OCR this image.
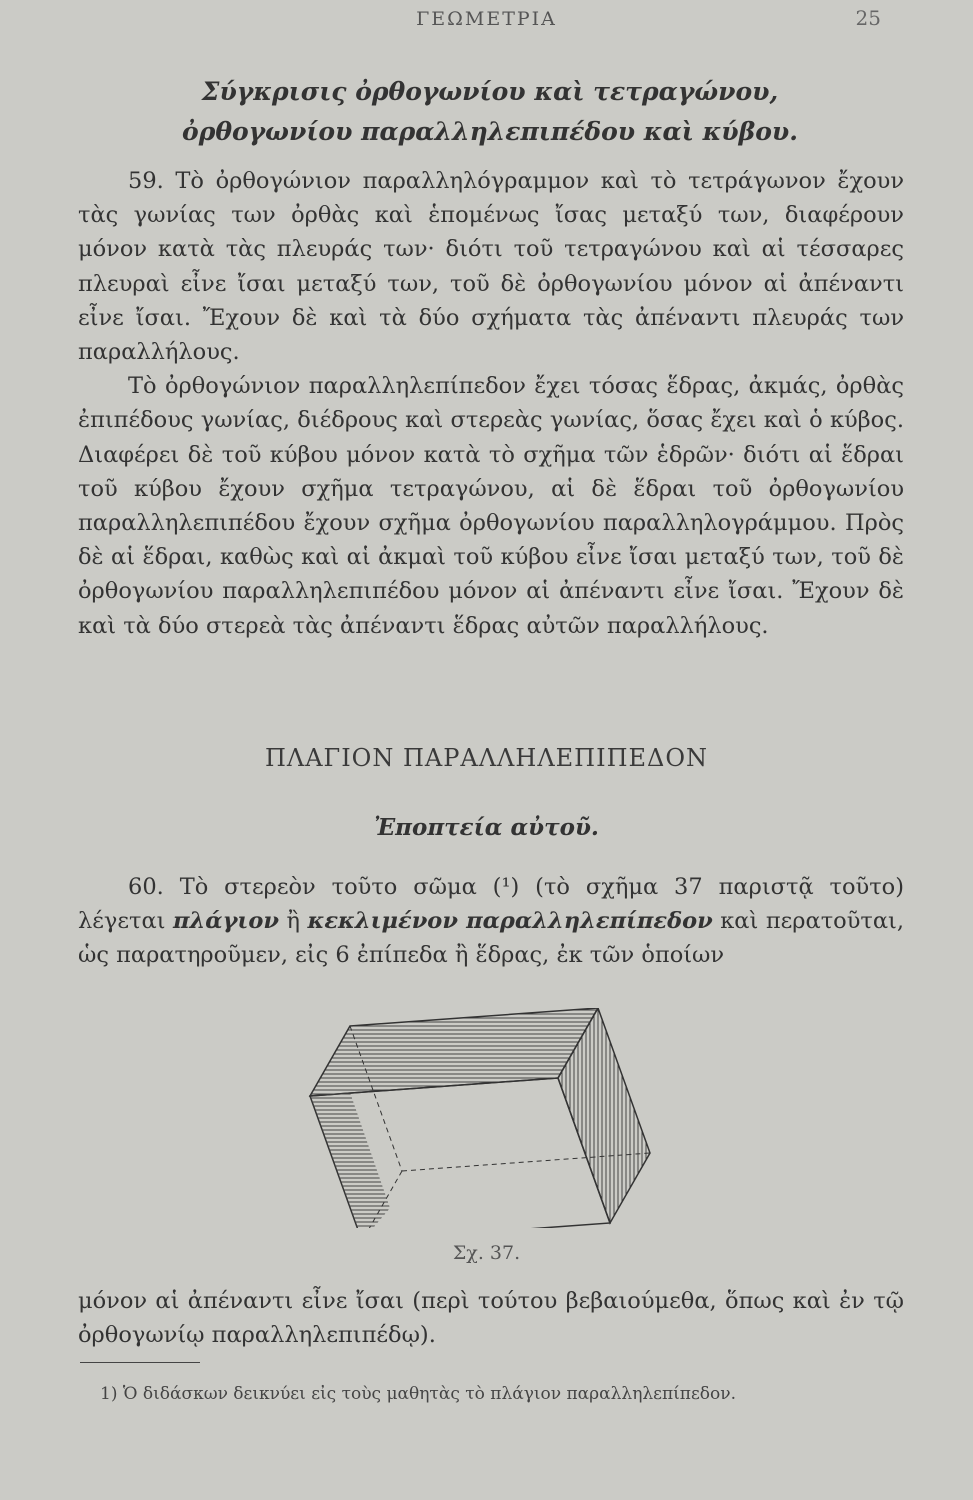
ΓΕΩΜΕΤΡΙΑ	25
Σύγκρισις ὀρθογωνίου καὶ τετραγώνου,
ὀρθογωνίου παραλληλεπιπέδου καὶ κύβου.

59. Τὸ ὀρθογώνιον παραλληλόγραμμον καὶ τὸ τετράγωνον ἔχουν τὰς γωνίας των ὀρθὰς καὶ ἑπομένως ἴσας μεταξύ των, διαφέρουν μόνον κατὰ τὰς πλευράς των· διότι τοῦ τετραγώνου καὶ αἱ τέσσαρες πλευραὶ εἶνε ἴσαι μεταξύ των, τοῦ δὲ ὀρθογωνίου μόνον αἱ ἀπέναντι εἶνε ἴσαι. Ἔχουν δὲ καὶ τὰ δύο σχήματα τὰς ἀπέναντι πλευράς των παραλλήλους.

Τὸ ὀρθογώνιον παραλληλεπίπεδον ἔχει τόσας ἕδρας, ἀκμάς, ὀρθὰς ἐπιπέδους γωνίας, διέδρους καὶ στερεὰς γωνίας, ὅσας ἔχει καὶ ὁ κύβος. Διαφέρει δὲ τοῦ κύβου μόνον κατὰ τὸ σχῆμα τῶν ἑδρῶν· διότι αἱ ἕδραι τοῦ κύβου ἔχουν σχῆμα τετραγώνου, αἱ δὲ ἕδραι τοῦ ὀρθογωνίου παραλληλεπιπέδου ἔχουν σχῆμα ὀρθογωνίου παραλληλογράμμου. Πρὸς δὲ αἱ ἕδραι, καθὼς καὶ αἱ ἀκμαὶ τοῦ κύβου εἶνε ἴσαι μεταξύ των, τοῦ δὲ ὀρθογωνίου παραλληλεπιπέδου μόνον αἱ ἀπέναντι εἶνε ἴσαι. Ἔχουν δὲ καὶ τὰ δύο στερεὰ τὰς ἀπέναντι ἕδρας αὐτῶν παραλλήλους.

ΠΛΑΓΙΟΝ ΠΑΡΑΛΛΗΛΕΠΙΠΕΔΟΝ
Ἐποπτεία αὐτοῦ.

60. Τὸ στερεὸν τοῦτο σῶμα (¹) (τὸ σχῆμα 37 παριστᾷ τοῦτο) λέγεται πλάγιον ἢ κεκλιμένον παραλληλεπίπεδον καὶ περατοῦται, ὡς παρατηροῦμεν, εἰς 6 ἐπίπεδα ἢ ἕδρας, ἐκ τῶν ὁποίων

Σχ. 37.

μόνον αἱ ἀπέναντι εἶνε ἴσαι (περὶ τούτου βεβαιούμεθα, ὅπως καὶ ἐν τῷ ὀρθογωνίῳ παραλληλεπιπέδῳ).

1) Ὁ διδάσκων δεικνύει εἰς τοὺς μαθητὰς τὸ πλάγιον παραλληλεπίπεδον.
